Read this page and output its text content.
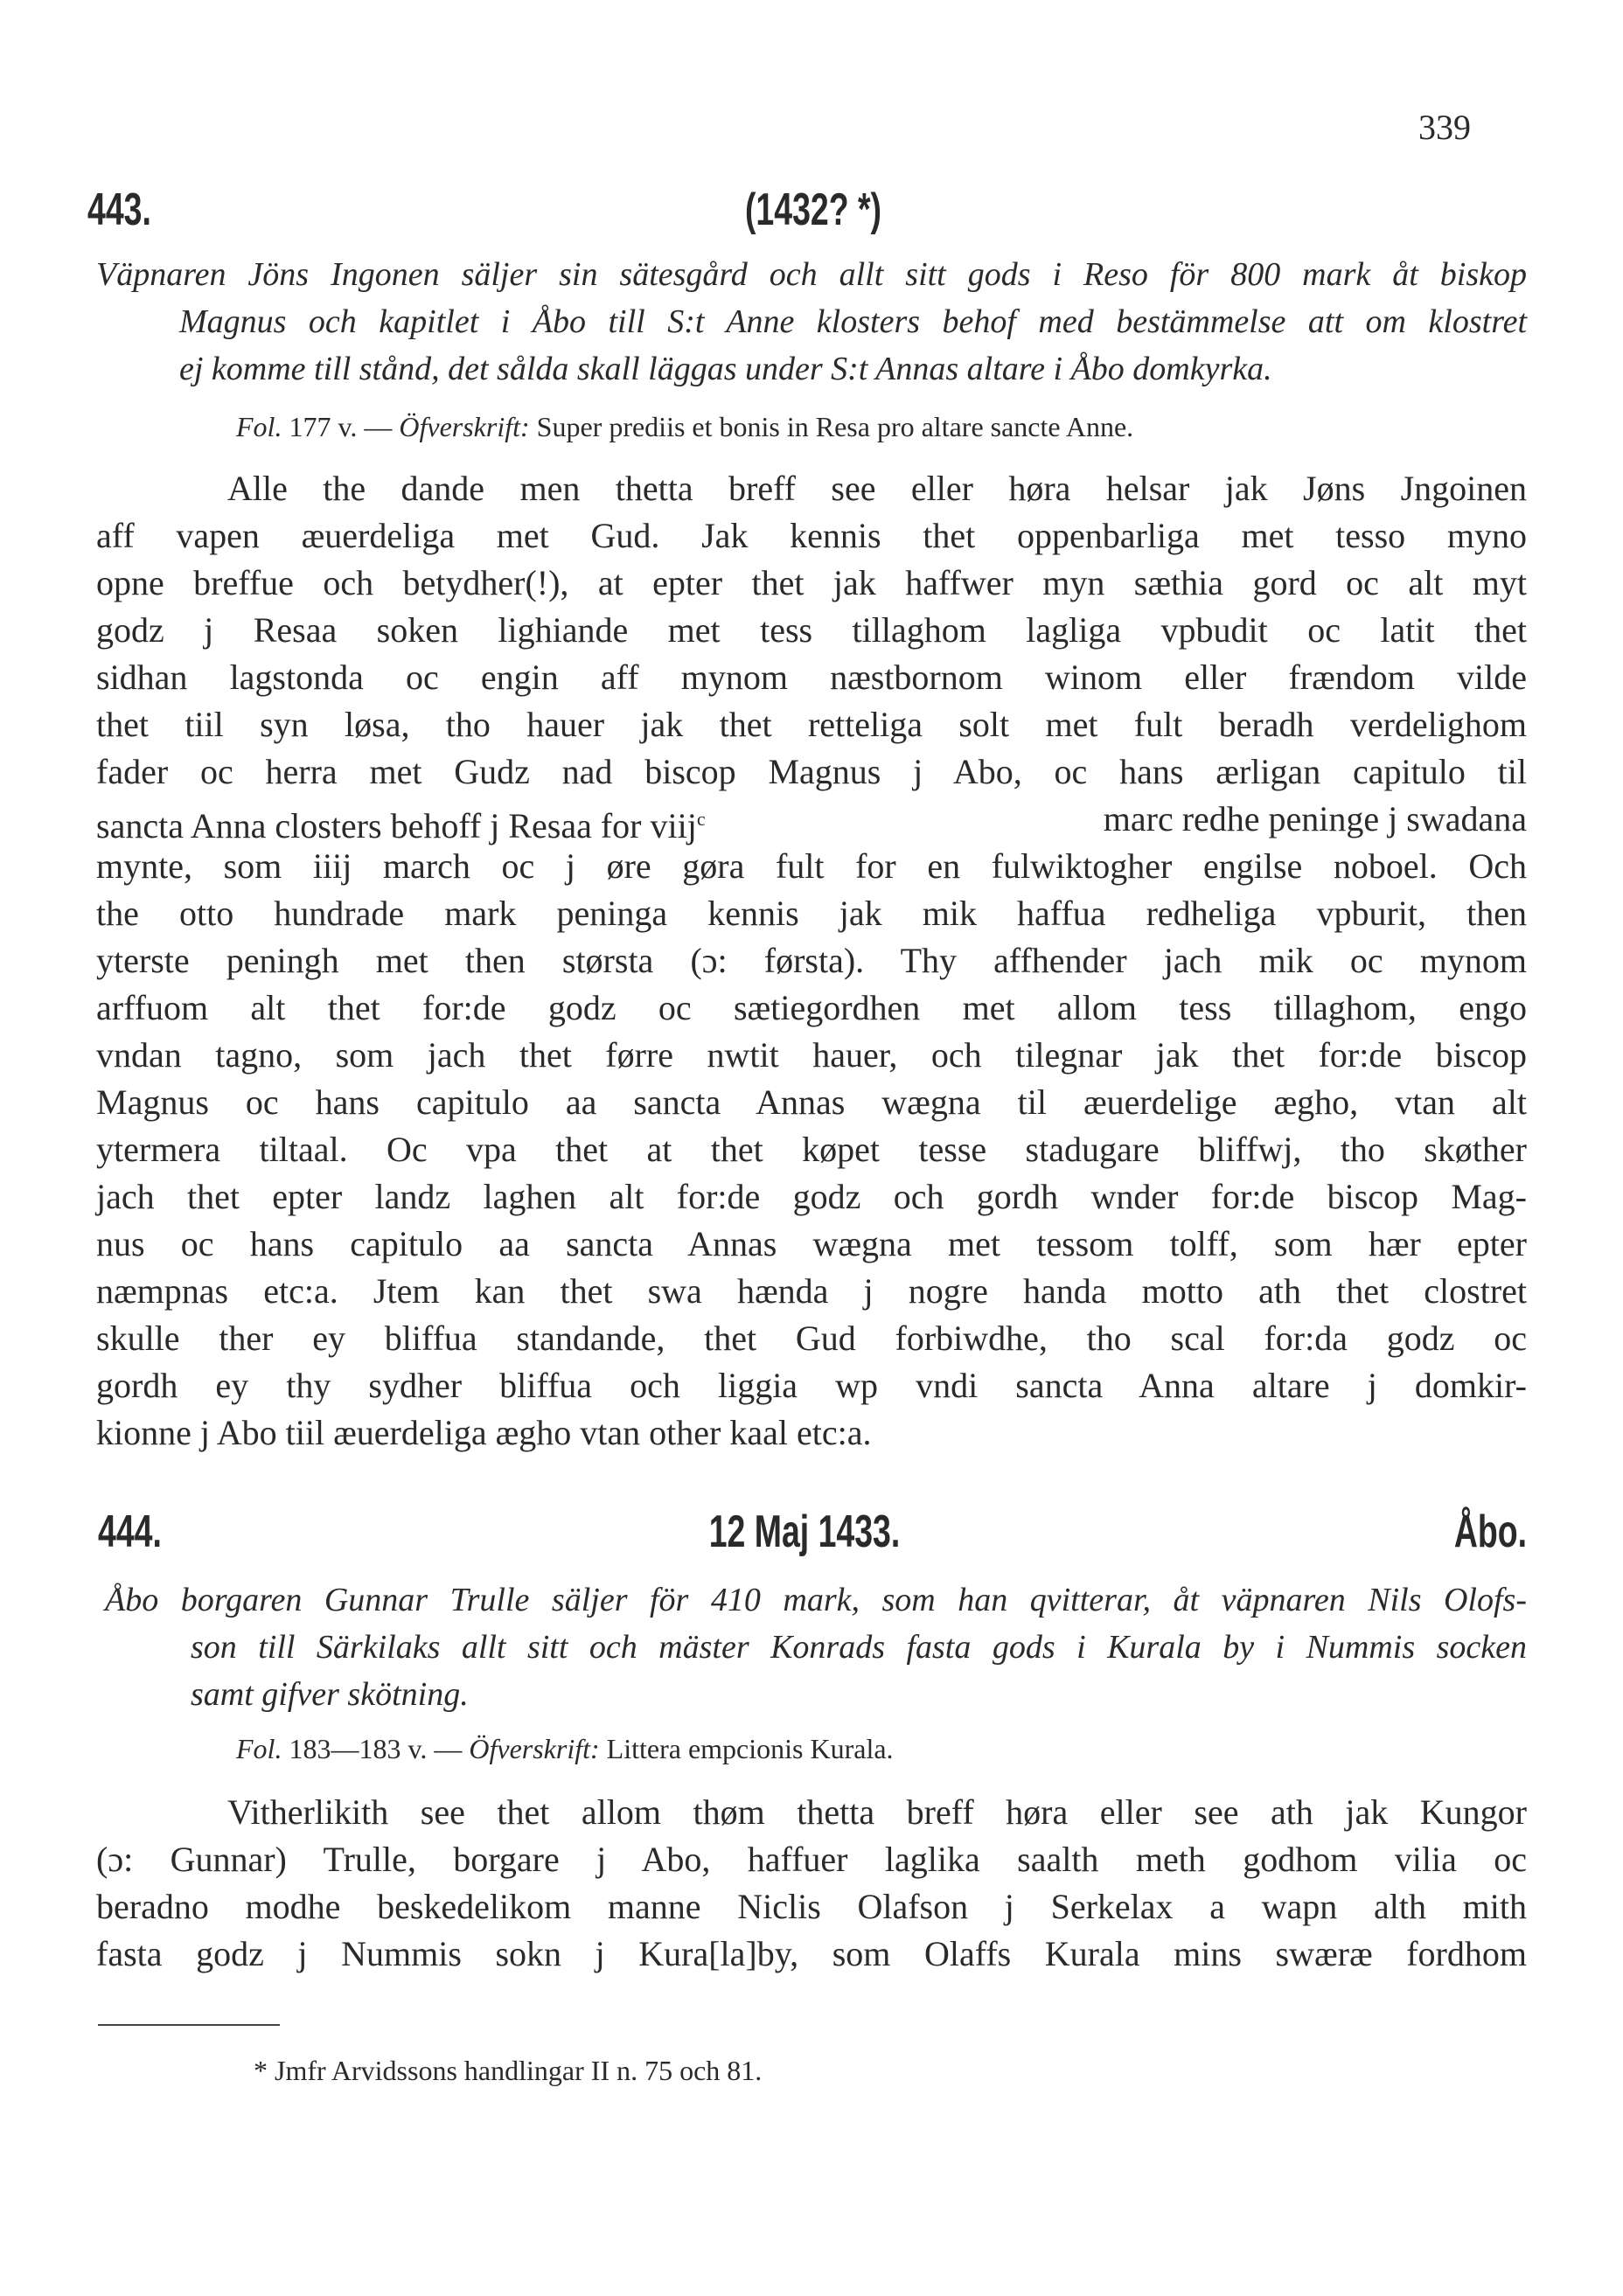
339
443.	(1432? *)
Väpnaren Jöns Ingonen säljer sin sätesgård och allt sitt gods i Reso för 800 mark åt biskop
Magnus och kapitlet i Åbo till S:t Anne klosters behof med bestämmelse att om klostret
ej komme till stånd, det sålda skall läggas under S:t Annas altare i Åbo domkyrka.
Fol. 177 v. — Öfverskrift: Super prediis et bonis in Resa pro altare sancte Anne.
Alle the dande men thetta breff see eller høra helsar jak Jøns Jngoinen
aff vapen æuerdeliga met Gud. Jak kennis thet oppenbarliga met tesso myno
opne breffue och betydher(!), at epter thet jak haffwer myn sæthia gord oc alt myt
godz j Resaa soken lighiande met tess tillaghom lagliga vpbudit oc latit thet
sidhan lagstonda oc engin aff mynom næstbornom winom eller frændom vilde
thet tiil syn løsa, tho hauer jak thet retteliga solt met fult beradh verdelighom
fader oc herra met Gudz nad biscop Magnus j Abo, oc hans ærligan capitulo til
sancta Anna closters behoff j Resaa for viij$^c$	marc redhe peninge j swadana
mynte, som iiij march oc j øre gøra fult for en fulwiktogher engilse noboel. Och
the otto hundrade mark peninga kennis jak mik haffua redheliga vpburit, then
yterste peningh met then størsta (ɔ: førsta). Thy affhender jach mik oc mynom
arffuom alt thet for:de godz oc sætiegordhen met allom tess tillaghom, engo
vndan tagno, som jach thet førre nwtit hauer, och tilegnar jak thet for:de biscop
Magnus oc hans capitulo aa sancta Annas wægna til æuerdelige ægho, vtan alt
ytermera tiltaal. Oc vpa thet at thet køpet tesse stadugare bliffwj, tho skøther
jach thet epter landz laghen alt for:de godz och gordh wnder for:de biscop Mag-
nus oc hans capitulo aa sancta Annas wægna met tessom tolff, som hær epter
næmpnas etc:a. Jtem kan thet swa hænda j nogre handa motto ath thet clostret
skulle ther ey bliffua standande, thet Gud forbiwdhe, tho scal for:da godz oc
gordh ey thy sydher bliffua och liggia wp vndi sancta Anna altare j domkir-
kionne j Abo tiil æuerdeliga ægho vtan other kaal etc:a.
444.	12 Maj 1433.	Åbo.
Åbo borgaren Gunnar Trulle säljer för 410 mark, som han qvitterar, åt väpnaren Nils Olofs-
son till Särkilaks allt sitt och mäster Konrads fasta gods i Kurala by i Nummis socken
samt gifver skötning.
Fol. 183—183 v. — Öfverskrift: Littera empcionis Kurala.
Vitherlikith see thet allom thøm thetta breff høra eller see ath jak Kungor
(ɔ: Gunnar) Trulle, borgare j Abo, haffuer laglika saalth meth godhom vilia oc
beradno modhe beskedelikom manne Niclis Olafson j Serkelax a wapn alth mith
fasta godz j Nummis sokn j Kura[la]by, som Olaffs Kurala mins swæræ fordhom
* Jmfr Arvidssons handlingar II n. 75 och 81.
